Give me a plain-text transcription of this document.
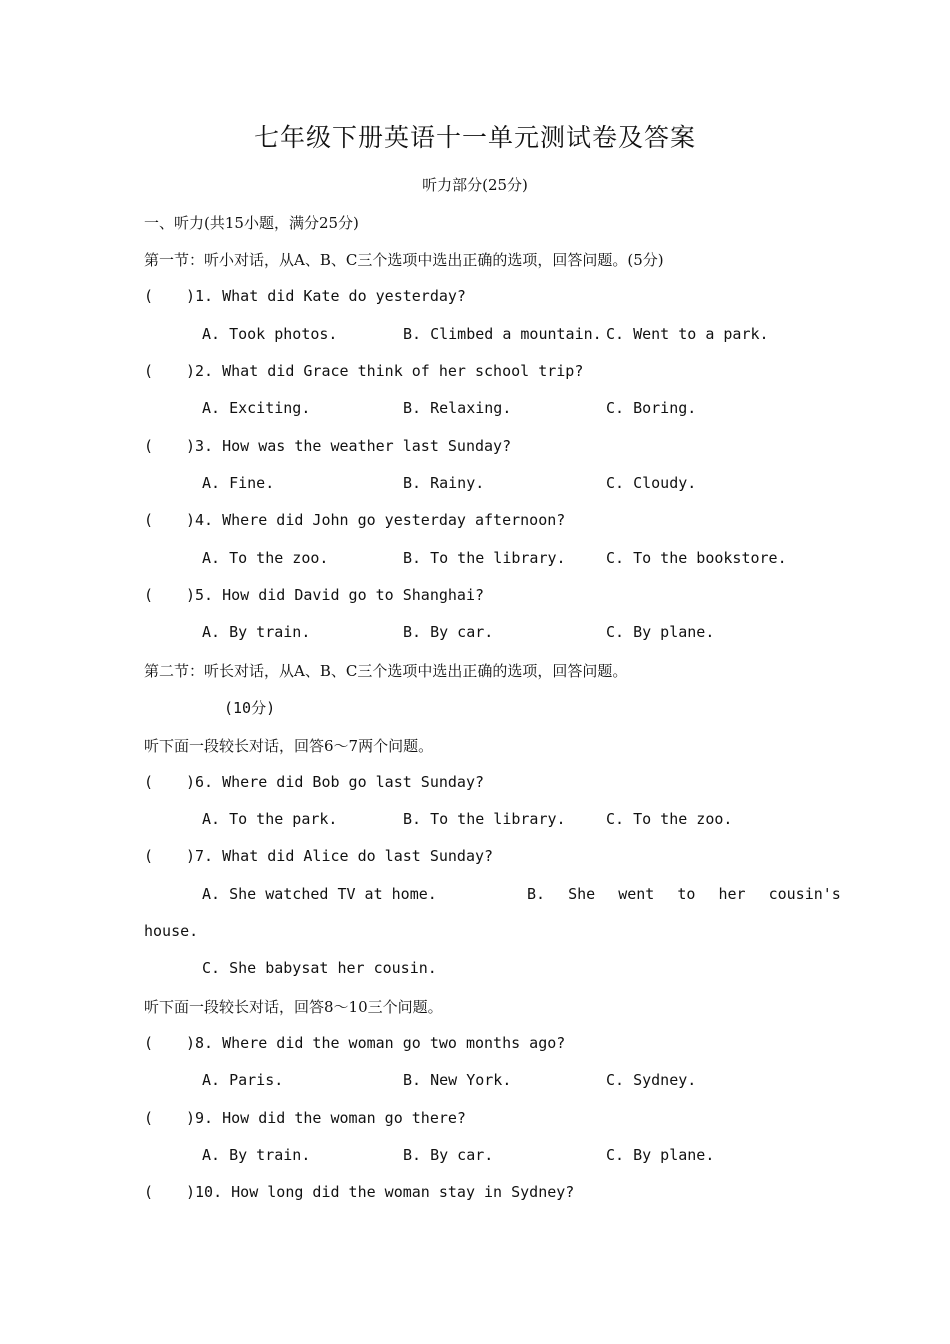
七年级下册英语十一单元测试卷及答案
听力部分(25分)
一、听力(共15小题，满分25分)
第一节：听小对话，从A、B、C三个选项中选出正确的选项，回答问题。(5分)
( )1. What did Kate do yesterday?
A. Took photos.	B. Climbed a mountain. C. Went to a park.
( )2. What did Grace think of her school trip?
A. Exciting.	B. Relaxing.	C. Boring.
( )3. How was the weather last Sunday?
A. Fine.	B. Rainy.	C. Cloudy.
( )4. Where did John go yesterday afternoon?
A. To the zoo.	B. To the library.	C. To the bookstore.
( )5. How did David go to Shanghai?
A. By train.	B. By car.	C. By plane.
第二节：听长对话，从A、B、C三个选项中选出正确的选项，回答问题。
(10分)
听下面一段较长对话，回答6～7两个问题。
( )6. Where did Bob go last Sunday?
A. To the park.	B. To the library.	C. To the zoo.
( )7. What did Alice do last Sunday?
A. She watched TV at home.	B. She went to her cousin's
house.
C. She babysat her cousin.
听下面一段较长对话，回答8～10三个问题。
( )8. Where did the woman go two months ago?
A. Paris.	B. New York.	C. Sydney.
( )9. How did the woman go there?
A. By train.	B. By car.	C. By plane.
( )10. How long did the woman stay in Sydney?
